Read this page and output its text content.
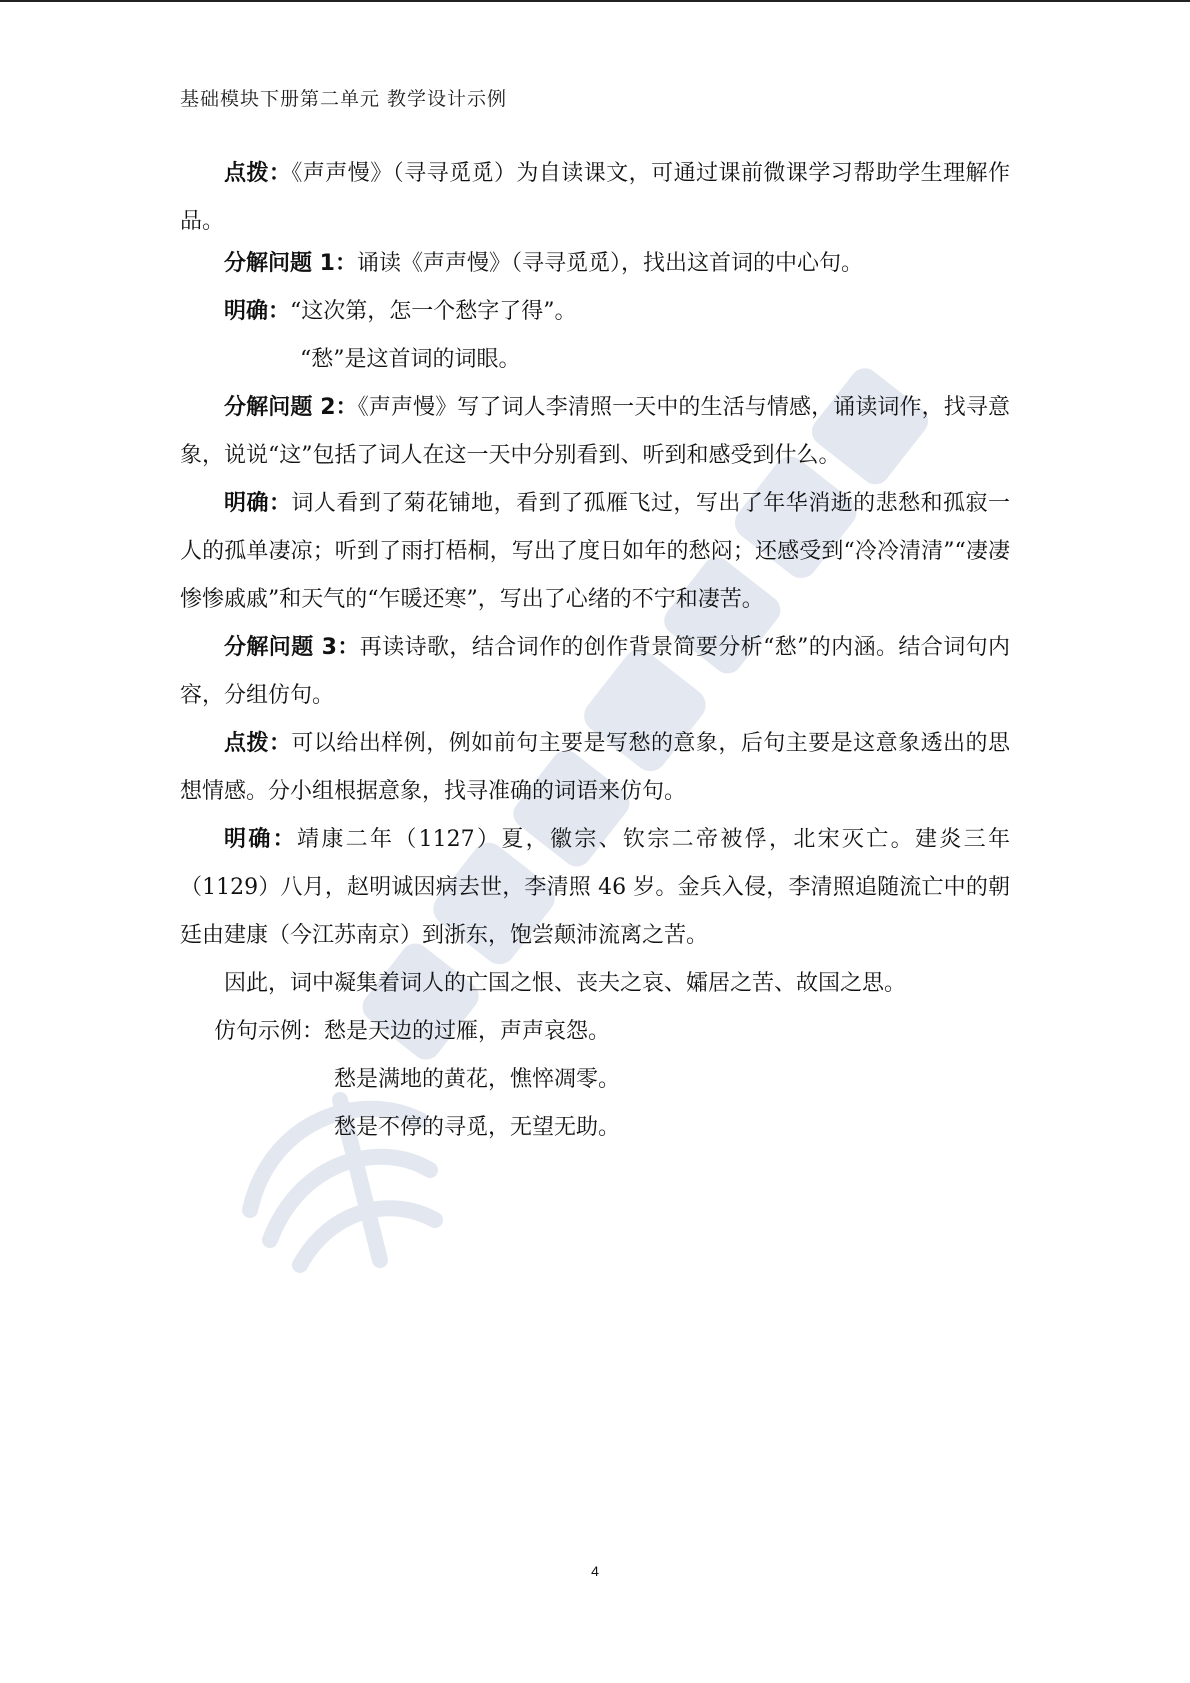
基础模块下册第二单元 教学设计示例

点拨：《声声慢》（寻寻觅觅）为自读课文，可通过课前微课学习帮助学生理解作品。

分解问题 1：诵读《声声慢》（寻寻觅觅），找出这首词的中心句。

明确：“这次第，怎一个愁字了得”。

“愁”是这首词的词眼。

分解问题 2：《声声慢》写了词人李清照一天中的生活与情感，诵读词作，找寻意象，说说“这”包括了词人在这一天中分别看到、听到和感受到什么。

明确：词人看到了菊花铺地，看到了孤雁飞过，写出了年华消逝的悲愁和孤寂一人的孤单凄凉；听到了雨打梧桐，写出了度日如年的愁闷；还感受到“冷冷清清”“凄凄惨惨戚戚”和天气的“乍暖还寒”，写出了心绪的不宁和凄苦。

分解问题 3：再读诗歌，结合词作的创作背景简要分析“愁”的内涵。结合词句内容，分组仿句。

点拨：可以给出样例，例如前句主要是写愁的意象，后句主要是这意象透出的思想情感。分小组根据意象，找寻准确的词语来仿句。

明确：靖康二年（1127）夏，徽宗、钦宗二帝被俘，北宋灭亡。建炎三年（1129）八月，赵明诚因病去世，李清照 46 岁。金兵入侵，李清照追随流亡中的朝廷由建康（今江苏南京）到浙东，饱尝颠沛流离之苦。

因此，词中凝集着词人的亡国之恨、丧夫之哀、孀居之苦、故国之思。

仿句示例：愁是天边的过雁，声声哀怨。

愁是满地的黄花，憔悴凋零。

愁是不停的寻觅，无望无助。

4
